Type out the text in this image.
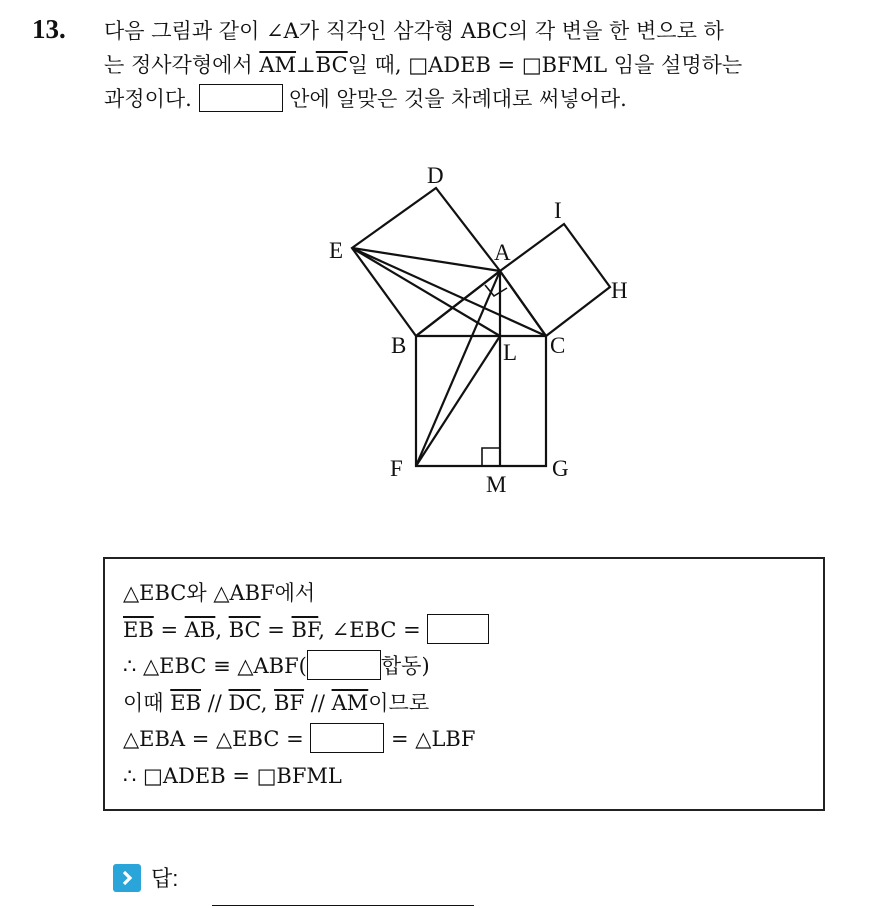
13. 다음 그림과 같이 ∠A가 직각인 삼각형 ABC의 각 변을 한 변으로 하
는 정사각형에서 $\overline{AM}\perp\overline{BC}$일 때, □ADEB = □BFML 임을 설명하는
과정이다.	안에 알맞은 것을 차례대로 써넣어라.
D
I
E	A
H
B	L C
F
M
G
△EBC와 △ABF에서
$\overline{EB} = \overline{AB}$, $\overline{BC} = \overline{BF}$, ∠EBC =
∴ △EBC ≡ △ABF(	합동)
이때 $\overline{EB} // \overline{DC}$, $\overline{BF} // \overline{AM}$이므로
△EBA = △EBC =	= △LBF
∴ □ADEB = □BFML
답:
